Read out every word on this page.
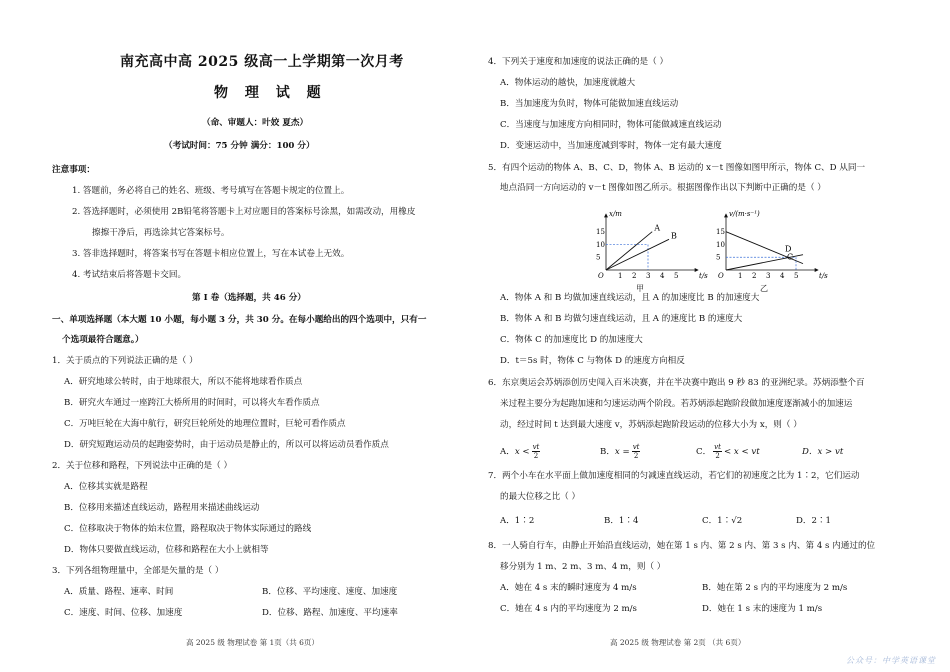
南充高中高 2025 级高一上学期第一次月考
物 理 试 题
（命、审题人：叶姣 夏杰）
（考试时间：75 分钟 满分：100 分）
注意事项：
1. 答题前，务必将自己的姓名、班级、考号填写在答题卡规定的位置上。
2. 答选择题时，必须使用 2B铅笔将答题卡上对应题目的答案标号涂黑，如需改动，用橡皮
擦擦干净后，再选涂其它答案标号。
3. 答非选择题时，将答案书写在答题卡相应位置上，写在本试卷上无效。
4. 考试结束后将答题卡交回。
第 I 卷（选择题，共 46 分）
一、单项选择题（本大题 10 小题，每小题 3 分，共 30 分。在每小题给出的四个选项中，只有一
个选项最符合题意。）
1．关于质点的下列说法正确的是（ ）
A．研究地球公转时，由于地球很大，所以不能将地球看作质点
B．研究火车通过一座跨江大桥所用的时间时，可以将火车看作质点
C．万吨巨轮在大海中航行，研究巨轮所处的地理位置时，巨轮可看作质点
D．研究短跑运动员的起跑姿势时，由于运动员是静止的，所以可以将运动员看作质点
2．关于位移和路程，下列说法中正确的是（ ）
A．位移其实就是路程
B．位移用来描述直线运动，路程用来描述曲线运动
C．位移取决于物体的始末位置，路程取决于物体实际通过的路线
D．物体只要做直线运动，位移和路程在大小上就相等
3．下列各组物理量中，全部是矢量的是（ ）
A．质量、路程、速率、时间	B．位移、平均速度、速度、加速度
C．速度、时间、位移、加速度	D．位移、路程、加速度、平均速率
高 2025 级 物理试卷 第 1页（共 6页）
4．下列关于速度和加速度的说法正确的是（ ）
A．物体运动的越快，加速度就越大
B．当加速度为负时，物体可能做加速直线运动
C．当速度与加速度方向相同时，物体可能做减速直线运动
D．变速运动中，当加速度减到零时，物体一定有最大速度
5．有四个运动的物体 A、B、C、D，物体 A、B 运动的 x－t 图像如图甲所示，物体 C、D 从同一
地点沿同一方向运动的 v－t 图像如图乙所示。根据图像作出以下判断中正确的是（ ）
t/s
x/m
O 1 2 3 4 5
5
10
15	A
B
t/s
v/(m·s⁻¹)
O 1 2 3 4 5
5
10
15
D
C
甲	乙
A．物体 A 和 B 均做加速直线运动，且 A 的加速度比 B 的加速度大
B．物体 A 和 B 均做匀速直线运动，且 A 的速度比 B 的速度大
C．物体 C 的加速度比 D 的加速度大
D．t＝5s 时，物体 C 与物体 D 的速度方向相反
6．东京奥运会苏炳添创历史闯入百米决赛，并在半决赛中跑出 9 秒 83 的亚洲纪录。苏炳添整个百
米过程主要分为起跑加速和匀速运动两个阶段。若苏炳添起跑阶段做加速度逐渐减小的加速运
动，经过时间 t 达到最大速度 v，苏炳添起跑阶段运动的位移大小为 x，则（ ）
A．$x < \frac{vt}{2}$	B．$x = \frac{vt}{2}$	C． $\frac{vt}{2} < x$ < vt	D．x > vt
7．两个小车在水平面上做加速度相同的匀减速直线运动，若它们的初速度之比为 1∶2，它们运动
的最大位移之比（ ）
A．1∶2	B．1∶4	C．1∶√2	D．2∶1
8．一人骑自行车，由静止开始沿直线运动，她在第 1 s 内、第 2 s 内、第 3 s 内、第 4 s 内通过的位
移分别为 1 m、2 m、3 m、4 m，则（ ）
A．她在 4 s 末的瞬时速度为 4 m/s	B．她在第 2 s 内的平均速度为 2 m/s
C．她在 4 s 内的平均速度为 2 m/s	D．她在 1 s 末的速度为 1 m/s
高 2025 级 物理试卷 第 2页 （共 6页）
公众号：中学英语课堂
